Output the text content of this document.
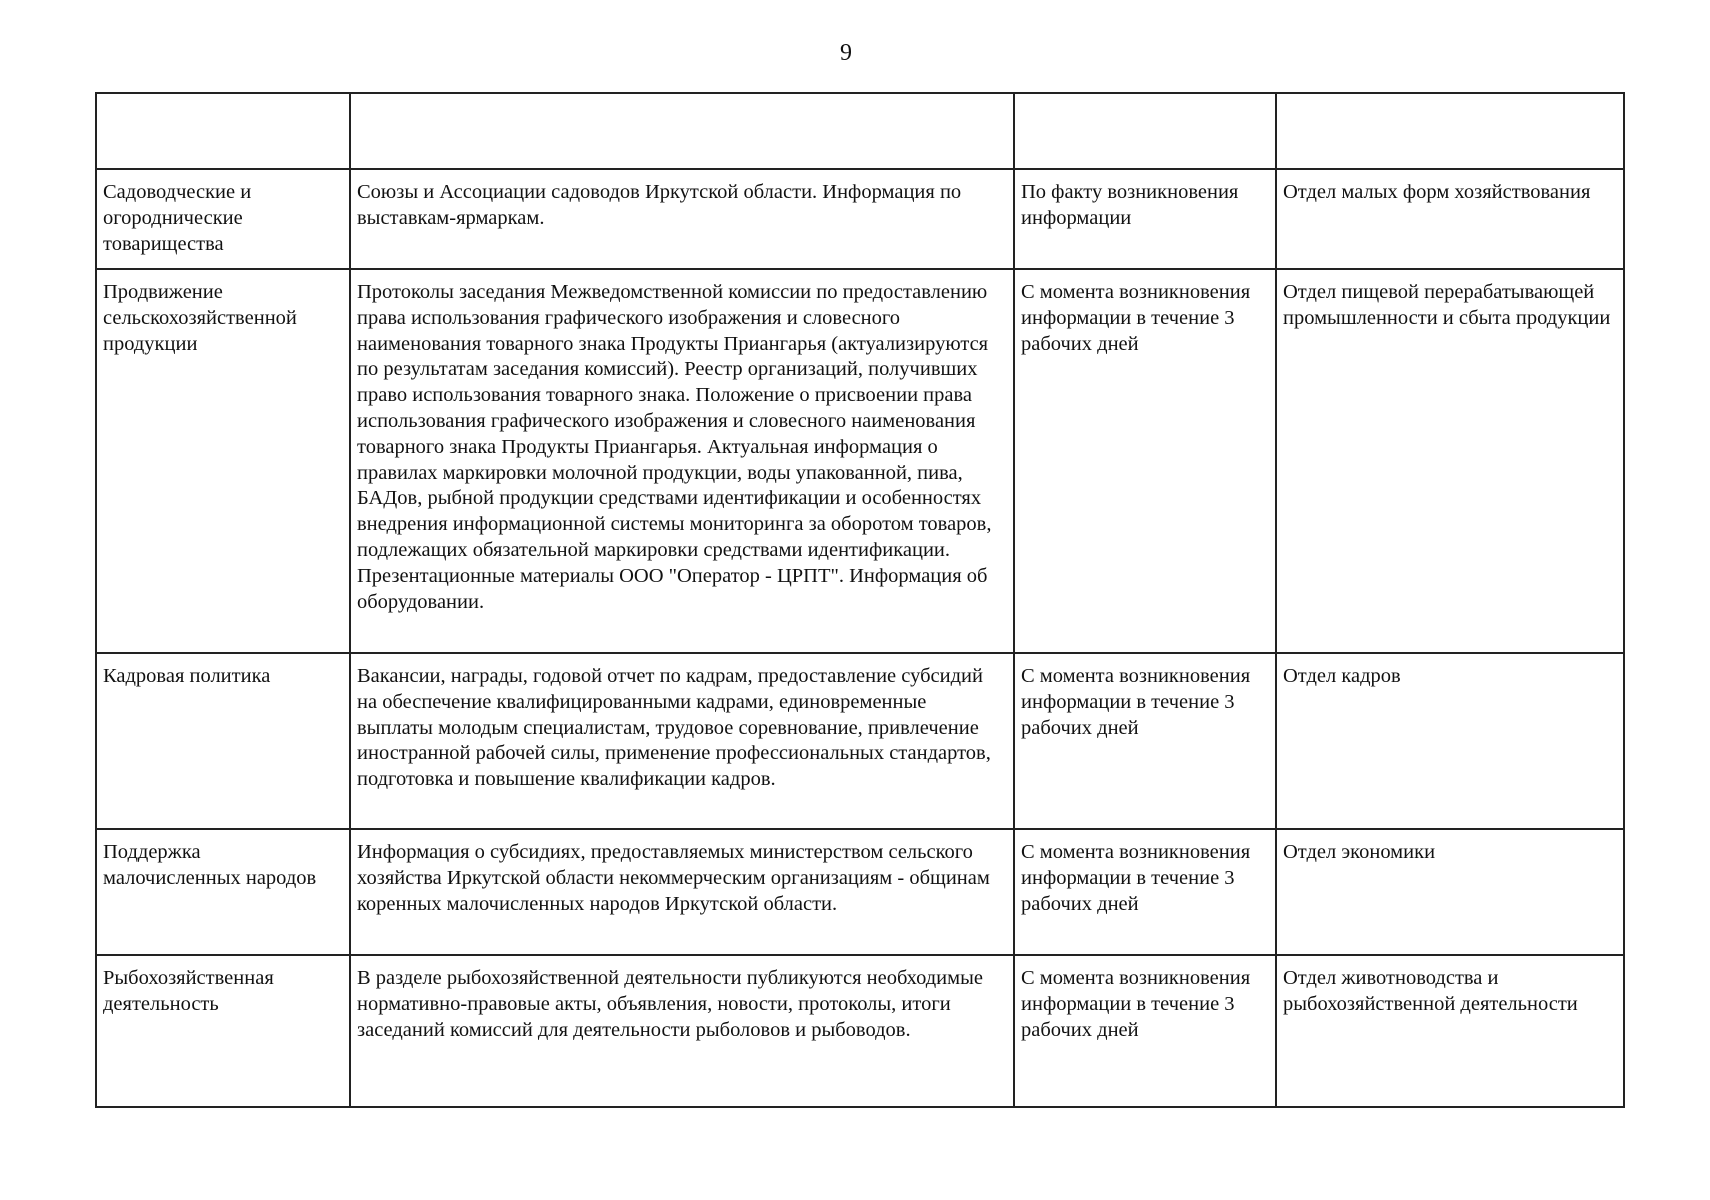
9

Садоводческие и огороднические товарищества	Союзы и Ассоциации садоводов Иркутской области. Информация по выставкам-ярмаркам.	По факту возникновения информации	Отдел малых форм хозяйствования
Продвижение сельскохозяйственной продукции	Протоколы заседания Межведомственной комиссии по предоставлению права использования графического изображения и словесного наименования товарного знака Продукты Приангарья (актуализируются по результатам заседания комиссий). Реестр организаций, получивших право использования товарного знака. Положение о присвоении права использования графического изображения и словесного наименования товарного знака Продукты Приангарья. Актуальная информация о правилах маркировки молочной продукции, воды упакованной, пива, БАДов, рыбной продукции средствами идентификации и особенностях внедрения информационной системы мониторинга за оборотом товаров, подлежащих обязательной маркировки средствами идентификации. Презентационные материалы ООО "Оператор - ЦРПТ". Информация об оборудовании.	С момента возникновения информации в течение 3 рабочих дней	Отдел пищевой перерабатывающей промышленности и сбыта продукции
Кадровая политика	Вакансии, награды, годовой отчет по кадрам, предоставление субсидий на обеспечение квалифицированными кадрами, единовременные выплаты молодым специалистам, трудовое соревнование, привлечение иностранной рабочей силы, применение профессиональных стандартов, подготовка и повышение квалификации кадров.	С момента возникновения информации в течение 3 рабочих дней	Отдел кадров
Поддержка малочисленных народов	Информация о субсидиях, предоставляемых министерством сельского хозяйства Иркутской области некоммерческим организациям - общинам коренных малочисленных народов Иркутской области.	С момента возникновения информации в течение 3 рабочих дней	Отдел экономики
Рыбохозяйственная деятельность	В разделе рыбохозяйственной деятельности публикуются необходимые нормативно-правовые акты, объявления, новости, протоколы, итоги заседаний комиссий для деятельности рыболовов и рыбоводов.	С момента возникновения информации в течение 3 рабочих дней	Отдел животноводства и рыбохозяйственной деятельности
